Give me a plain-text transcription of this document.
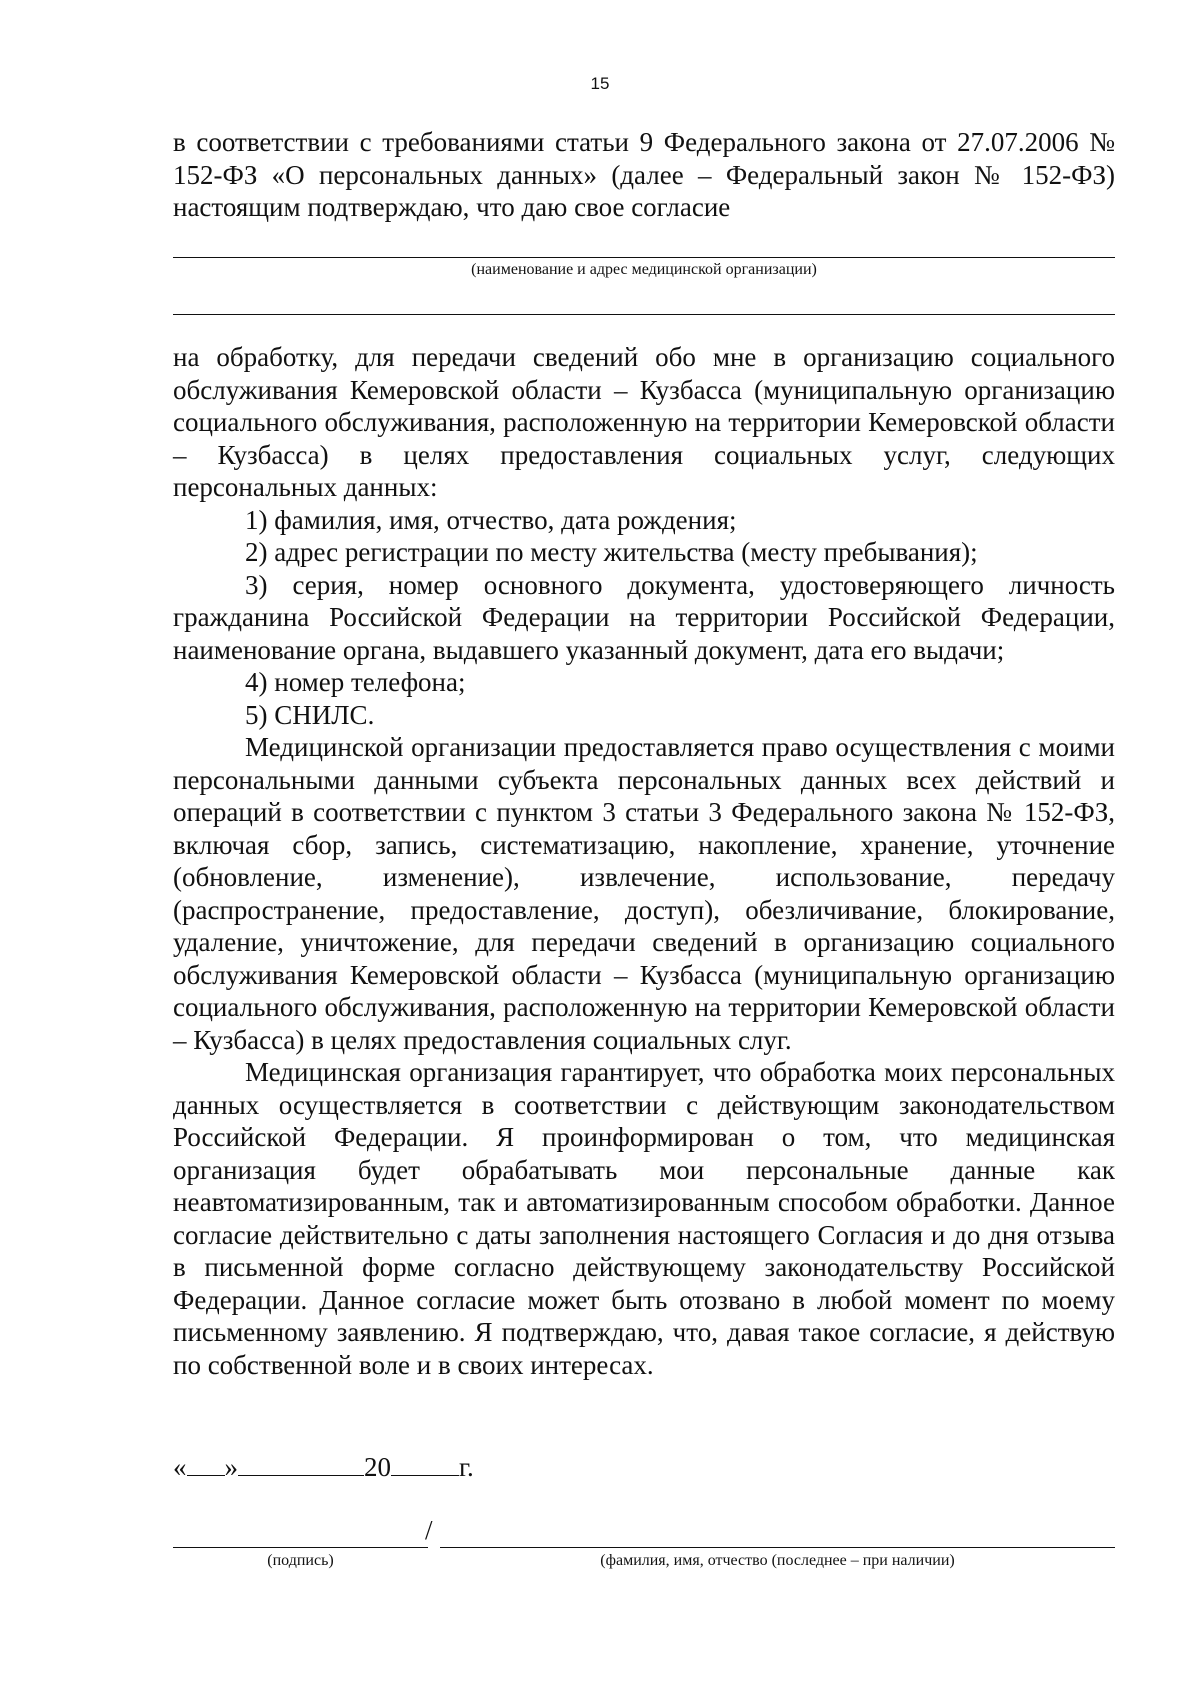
15

в соответствии с требованиями статьи 9 Федерального закона от 27.07.2006 № 152-ФЗ «О персональных данных» (далее – Федеральный закон № 152-ФЗ) настоящим подтверждаю, что даю свое согласие

(наименование и адрес медицинской организации)

на обработку, для передачи сведений обо мне в организацию социального обслуживания Кемеровской области – Кузбасса (муниципальную организацию социального обслуживания, расположенную на территории Кемеровской области – Кузбасса) в целях предоставления социальных услуг, следующих персональных данных:

1) фамилия, имя, отчество, дата рождения;

2) адрес регистрации по месту жительства (месту пребывания);

3) серия, номер основного документа, удостоверяющего личность гражданина Российской Федерации на территории Российской Федерации, наименование органа, выдавшего указанный документ, дата его выдачи;

4) номер телефона;

5) СНИЛС.

Медицинской организации предоставляется право осуществления с моими персональными данными субъекта персональных данных всех действий и операций в соответствии с пунктом 3 статьи 3 Федерального закона № 152-ФЗ, включая сбор, запись, систематизацию, накопление, хранение, уточнение (обновление, изменение), извлечение, использование, передачу (распространение, предоставление, доступ), обезличивание, блокирование, удаление, уничтожение, для передачи сведений в организацию социального обслуживания Кемеровской области – Кузбасса (муниципальную организацию социального обслуживания, расположенную на территории Кемеровской области – Кузбасса) в целях предоставления социальных слуг.

Медицинская организация гарантирует, что обработка моих персональных данных осуществляется в соответствии с действующим законодательством Российской Федерации. Я проинформирован о том, что медицинская организация будет обрабатывать мои персональные данные как неавтоматизированным, так и автоматизированным способом обработки. Данное согласие действительно с даты заполнения настоящего Согласия и до дня отзыва в письменной форме согласно действующему законодательству Российской Федерации. Данное согласие может быть отозвано в любой момент по моему письменному заявлению. Я подтверждаю, что, давая такое согласие, я действую по собственной воле и в своих интересах.

« »	20	г.
/
(подпись)	(фамилия, имя, отчество (последнее – при наличии)
